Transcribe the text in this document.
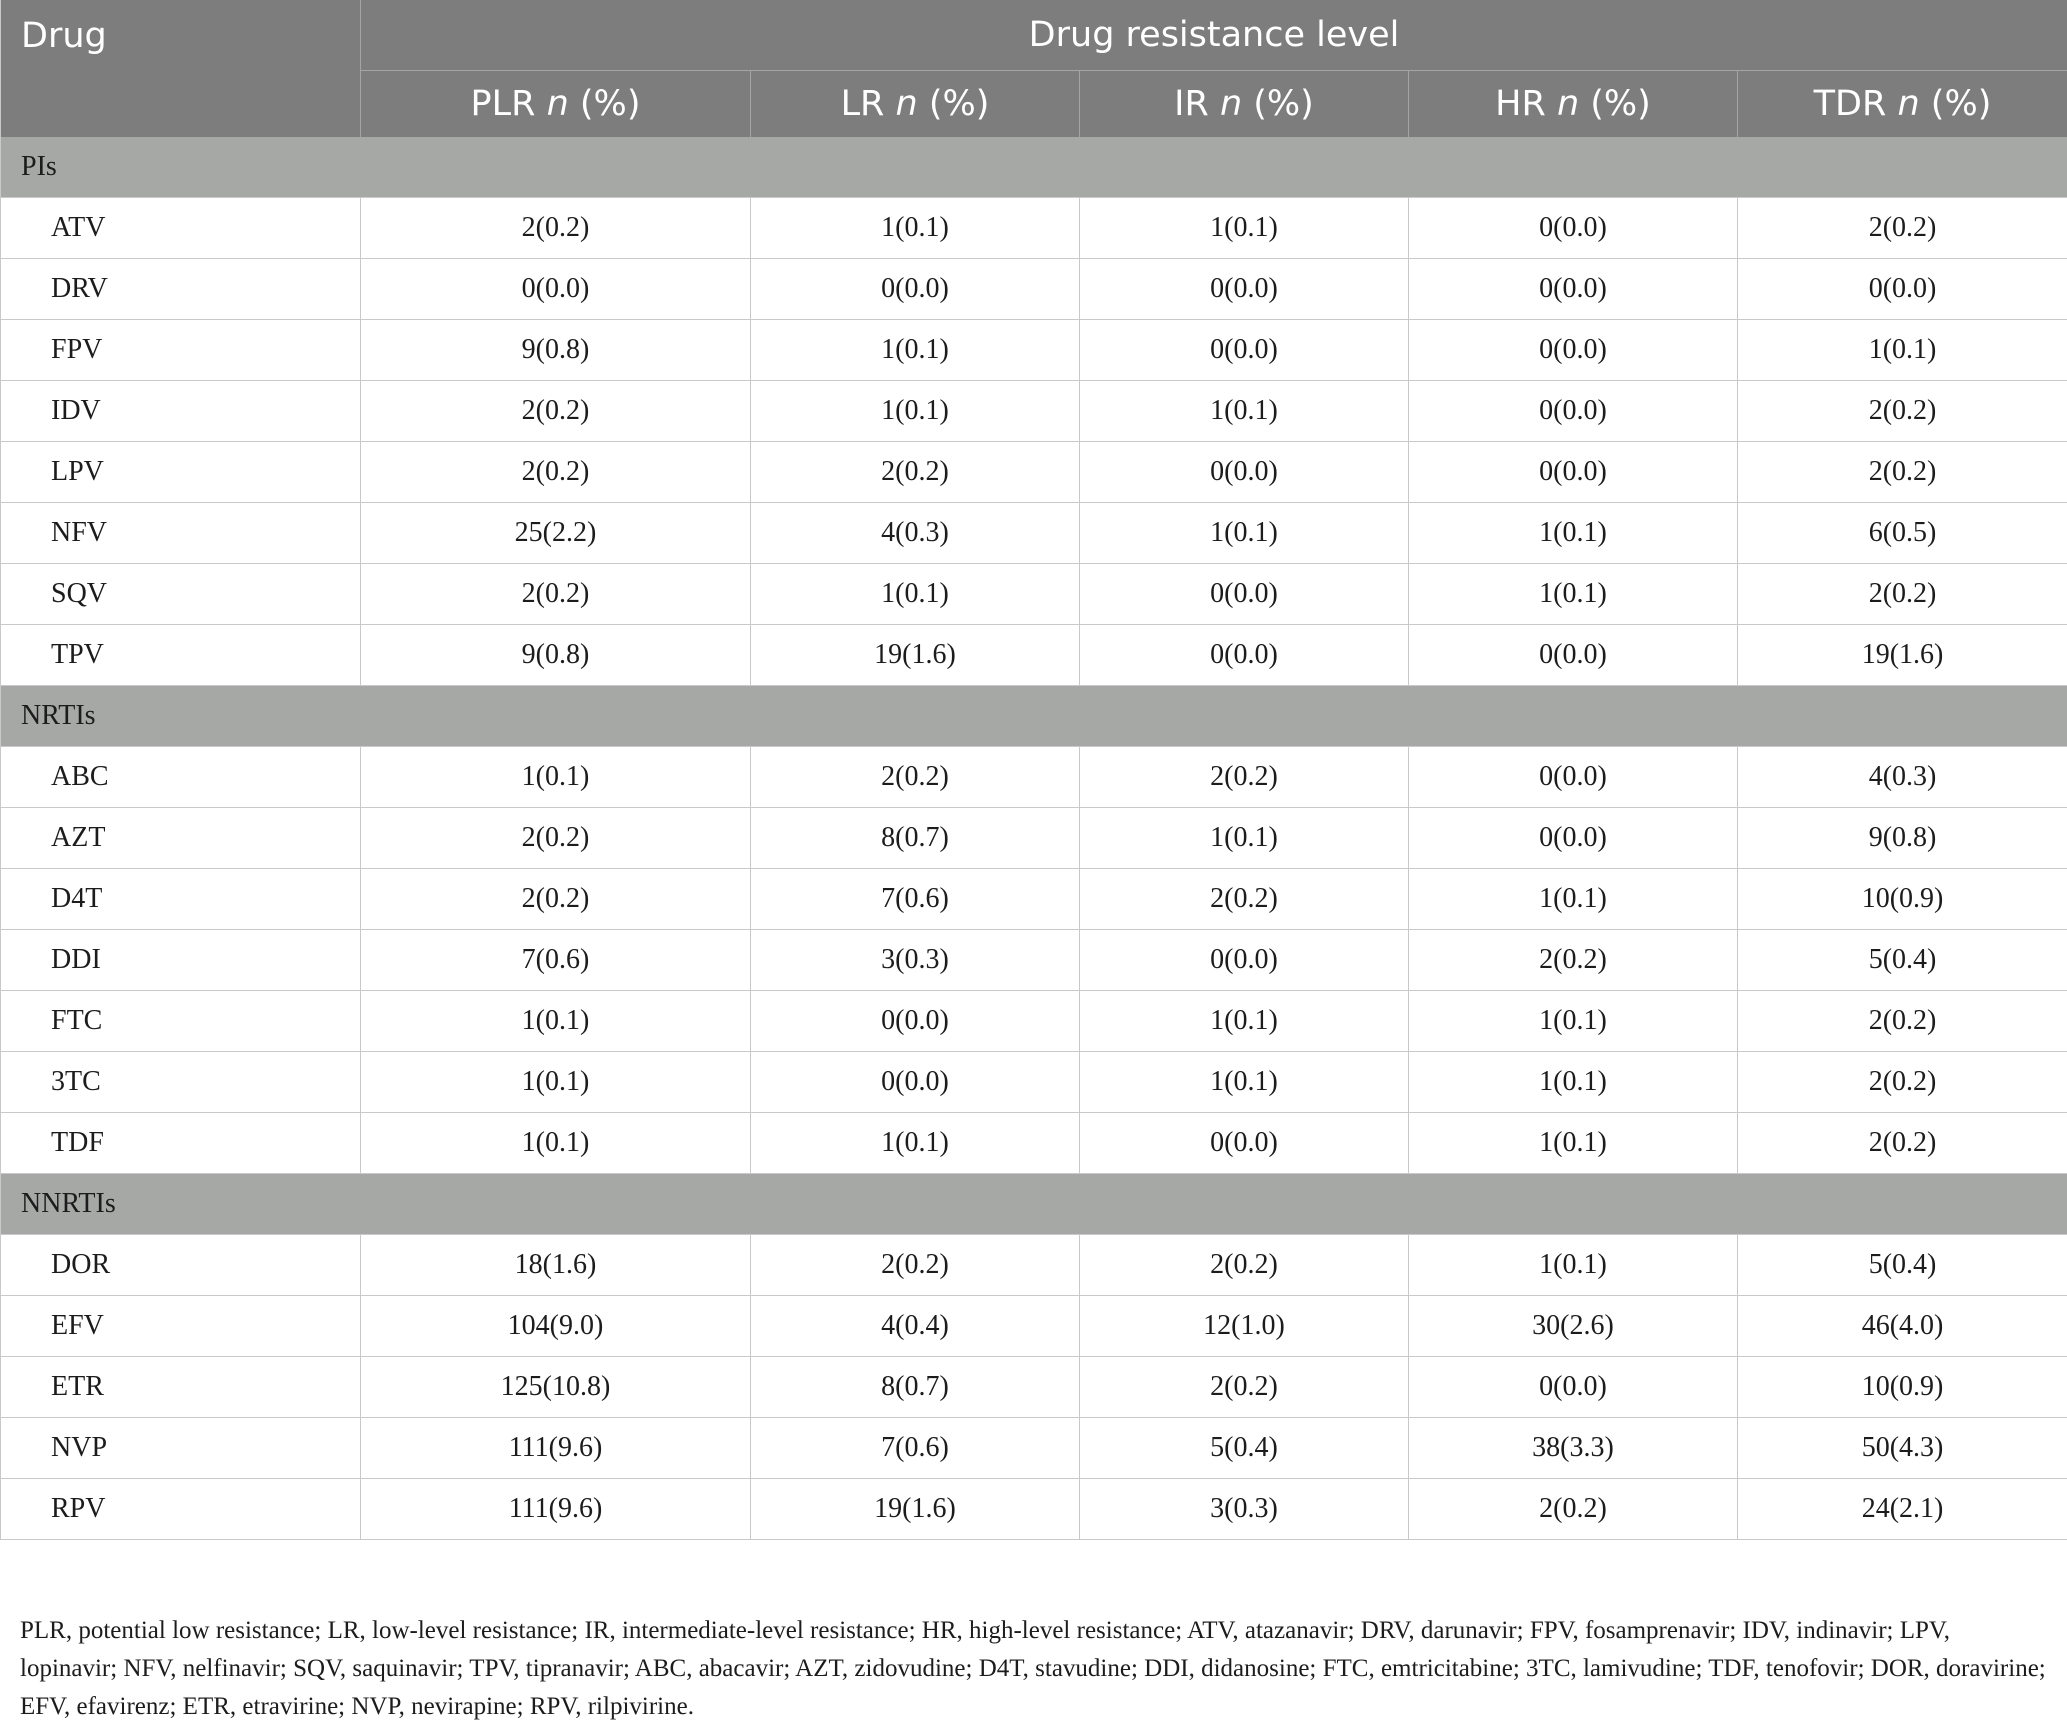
Drug	Drug resistance level				
	PLR n (%)	LR n (%)	IR n (%)	HR n (%)	TDR n (%)
PIs					
ATV	2(0.2)	1(0.1)	1(0.1)	0(0.0)	2(0.2)
DRV	0(0.0)	0(0.0)	0(0.0)	0(0.0)	0(0.0)
FPV	9(0.8)	1(0.1)	0(0.0)	0(0.0)	1(0.1)
IDV	2(0.2)	1(0.1)	1(0.1)	0(0.0)	2(0.2)
LPV	2(0.2)	2(0.2)	0(0.0)	0(0.0)	2(0.2)
NFV	25(2.2)	4(0.3)	1(0.1)	1(0.1)	6(0.5)
SQV	2(0.2)	1(0.1)	0(0.0)	1(0.1)	2(0.2)
TPV	9(0.8)	19(1.6)	0(0.0)	0(0.0)	19(1.6)
NRTIs					
ABC	1(0.1)	2(0.2)	2(0.2)	0(0.0)	4(0.3)
AZT	2(0.2)	8(0.7)	1(0.1)	0(0.0)	9(0.8)
D4T	2(0.2)	7(0.6)	2(0.2)	1(0.1)	10(0.9)
DDI	7(0.6)	3(0.3)	0(0.0)	2(0.2)	5(0.4)
FTC	1(0.1)	0(0.0)	1(0.1)	1(0.1)	2(0.2)
3TC	1(0.1)	0(0.0)	1(0.1)	1(0.1)	2(0.2)
TDF	1(0.1)	1(0.1)	0(0.0)	1(0.1)	2(0.2)
NNRTIs					
DOR	18(1.6)	2(0.2)	2(0.2)	1(0.1)	5(0.4)
EFV	104(9.0)	4(0.4)	12(1.0)	30(2.6)	46(4.0)
ETR	125(10.8)	8(0.7)	2(0.2)	0(0.0)	10(0.9)
NVP	111(9.6)	7(0.6)	5(0.4)	38(3.3)	50(4.3)
RPV	111(9.6)	19(1.6)	3(0.3)	2(0.2)	24(2.1)
PLR, potential low resistance; LR, low-level resistance; IR, intermediate-level resistance; HR, high-level resistance; ATV, atazanavir; DRV, darunavir; FPV, fosamprenavir; IDV, indinavir; LPV, lopinavir; NFV, nelfinavir; SQV, saquinavir; TPV, tipranavir; ABC, abacavir; AZT, zidovudine; D4T, stavudine; DDI, didanosine; FTC, emtricitabine; 3TC, lamivudine; TDF, tenofovir; DOR, doravirine; EFV, efavirenz; ETR, etravirine; NVP, nevirapine; RPV, rilpivirine.
